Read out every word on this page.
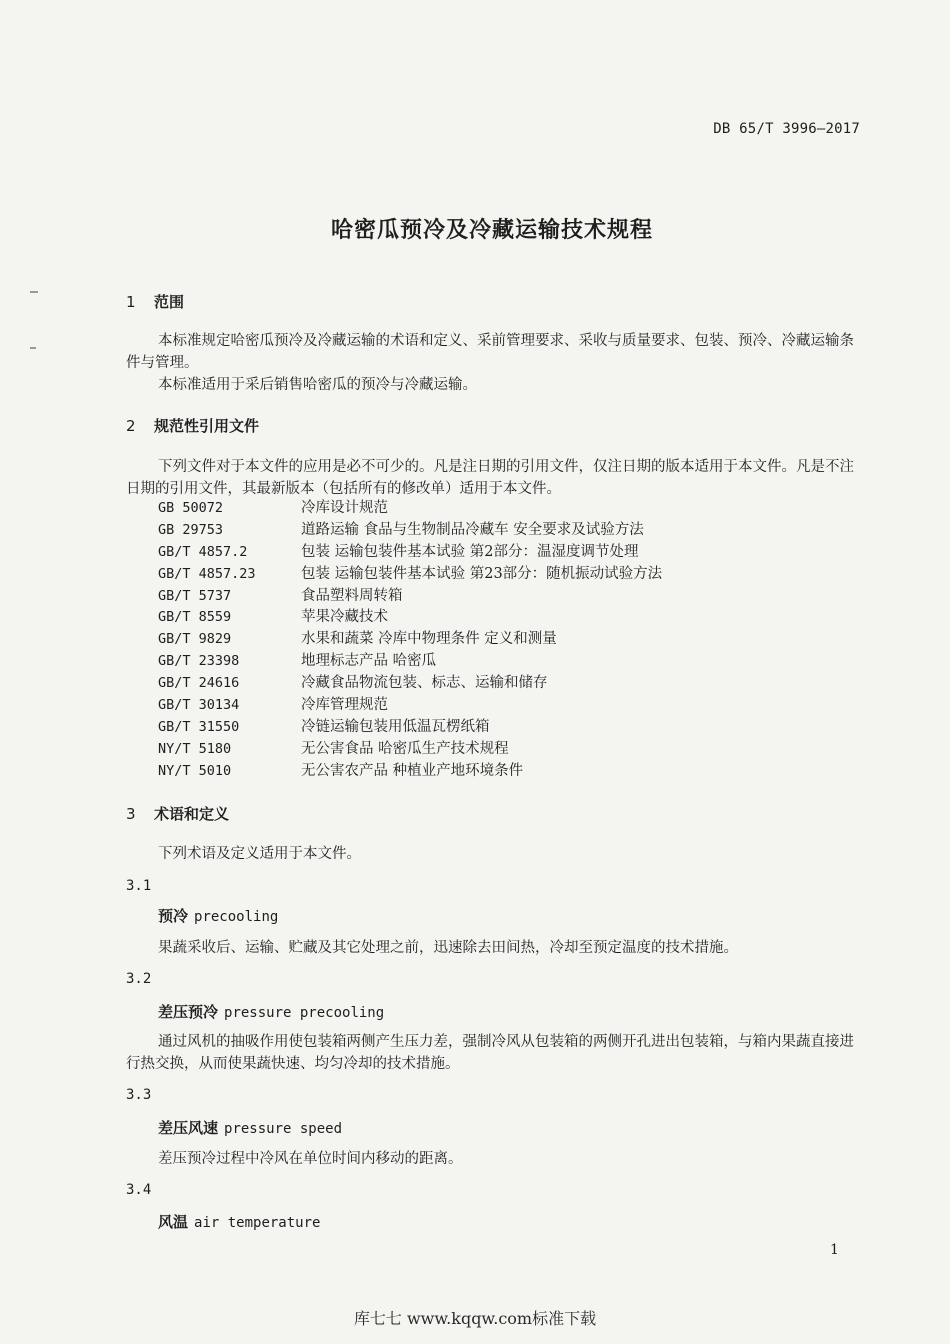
DB 65/T 3996—2017
哈密瓜预冷及冷藏运输技术规程
1 范围
本标准规定哈密瓜预冷及冷藏运输的术语和定义、采前管理要求、采收与质量要求、包装、预冷、冷藏运输条件与管理。
本标准适用于采后销售哈密瓜的预冷与冷藏运输。
2 规范性引用文件
下列文件对于本文件的应用是必不可少的。凡是注日期的引用文件，仅注日期的版本适用于本文件。凡是不注日期的引用文件，其最新版本（包括所有的修改单）适用于本文件。
GB 50072	冷库设计规范
GB 29753	道路运输 食品与生物制品冷藏车 安全要求及试验方法
GB/T 4857.2	包装 运输包装件基本试验 第2部分：温湿度调节处理
GB/T 4857.23	包装 运输包装件基本试验 第23部分：随机振动试验方法
GB/T 5737	食品塑料周转箱
GB/T 8559	苹果冷藏技术
GB/T 9829	水果和蔬菜 冷库中物理条件 定义和测量
GB/T 23398	地理标志产品 哈密瓜
GB/T 24616	冷藏食品物流包装、标志、运输和储存
GB/T 30134	冷库管理规范
GB/T 31550	冷链运输包装用低温瓦楞纸箱
NY/T 5180	无公害食品 哈密瓜生产技术规程
NY/T 5010	无公害农产品 种植业产地环境条件
3 术语和定义
下列术语及定义适用于本文件。
3.1
预冷 precooling
果蔬采收后、运输、贮藏及其它处理之前，迅速除去田间热，冷却至预定温度的技术措施。
3.2
差压预冷 pressure precooling
通过风机的抽吸作用使包装箱两侧产生压力差，强制冷风从包装箱的两侧开孔进出包装箱，与箱内果蔬直接进行热交换，从而使果蔬快速、均匀冷却的技术措施。
3.3
差压风速 pressure speed
差压预冷过程中冷风在单位时间内移动的距离。
3.4
风温 air temperature
1
库七七 www.kqqw.com标准下载
